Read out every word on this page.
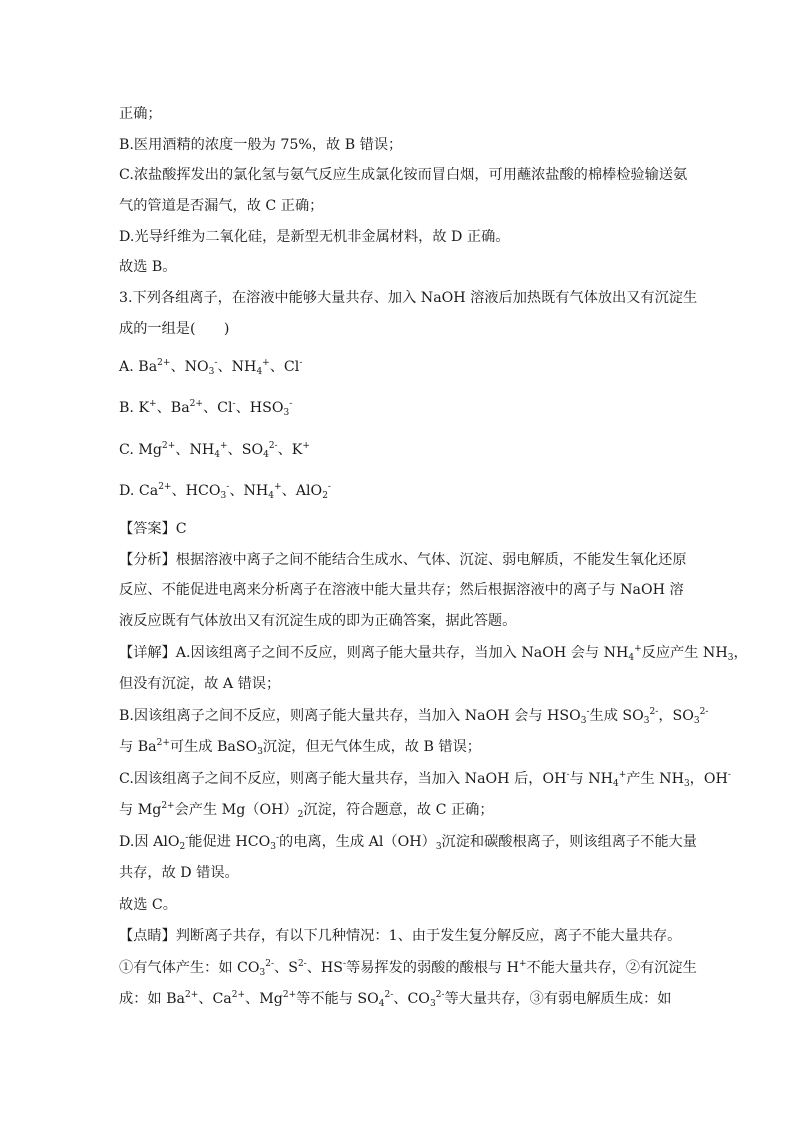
正确；
B.医用酒精的浓度一般为 75%，故 B 错误；
C.浓盐酸挥发出的氯化氢与氨气反应生成氯化铵而冒白烟，可用蘸浓盐酸的棉棒检验输送氨
气的管道是否漏气，故 C 正确；
D.光导纤维为二氧化硅，是新型无机非金属材料，故 D 正确。
故选 B。
3.下列各组离子，在溶液中能够大量共存、加入 NaOH 溶液后加热既有气体放出又有沉淀生
成的一组是(　　)
A. $Ba^{2+}$、$NO_3^-$、$NH_4^+$、Cl-
B. K+、$Ba^{2+}$、Cl-、$HSO_3^-$
C. $Mg^{2+}$、$NH_4^+$、$SO_4^{2-}$、K+
D. $Ca^{2+}$、$HCO_3^-$、$NH_4^+$、AlO$_2$-
【答案】C
【分析】根据溶液中离子之间不能结合生成水、气体、沉淀、弱电解质，不能发生氧化还原
反应、不能促进电离来分析离子在溶液中能大量共存；然后根据溶液中的离子与 NaOH 溶
液反应既有气体放出又有沉淀生成的即为正确答案，据此答题。
【详解】A.因该组离子之间不反应，则离子能大量共存，当加入 NaOH 会与 $NH_4^+$反应产生 $NH_3$，
但没有沉淀，故 A 错误；
B.因该组离子之间不反应，则离子能大量共存，当加入 NaOH 会与 $HSO_3^-$生成 $SO_3^{2-}$，$SO_3^{2-}$
与 $Ba^{2+}$可生成 BaSO$_3$沉淀，但无气体生成，故 B 错误；
C.因该组离子之间不反应，则离子能大量共存，当加入 NaOH 后，OH-与 $NH_4^+$产生 $NH_3$，OH-
与 $Mg^{2+}$会产生 $Mg(OH)_2$沉淀，符合题意，故 C 正确；
D.因 AlO$_2$-能促进 $HCO_3^-$的电离，生成 $Al(OH)_3$沉淀和碳酸根离子，则该组离子不能大量
共存，故 D 错误。
故选 C。
【点睛】判断离子共存，有以下几种情况：1、由于发生复分解反应，离子不能大量共存。
①有气体产生：如 $CO_3^{2-}$、$S^{2-}$、HS-等易挥发的弱酸的酸根与 H+不能大量共存，②有沉淀生
成：如 $Ba^{2+}$、$Ca^{2+}$、$Mg^{2+}$等不能与 $SO_4^{2-}$、$CO_3^{2-}$等大量共存，③有弱电解质生成：如
